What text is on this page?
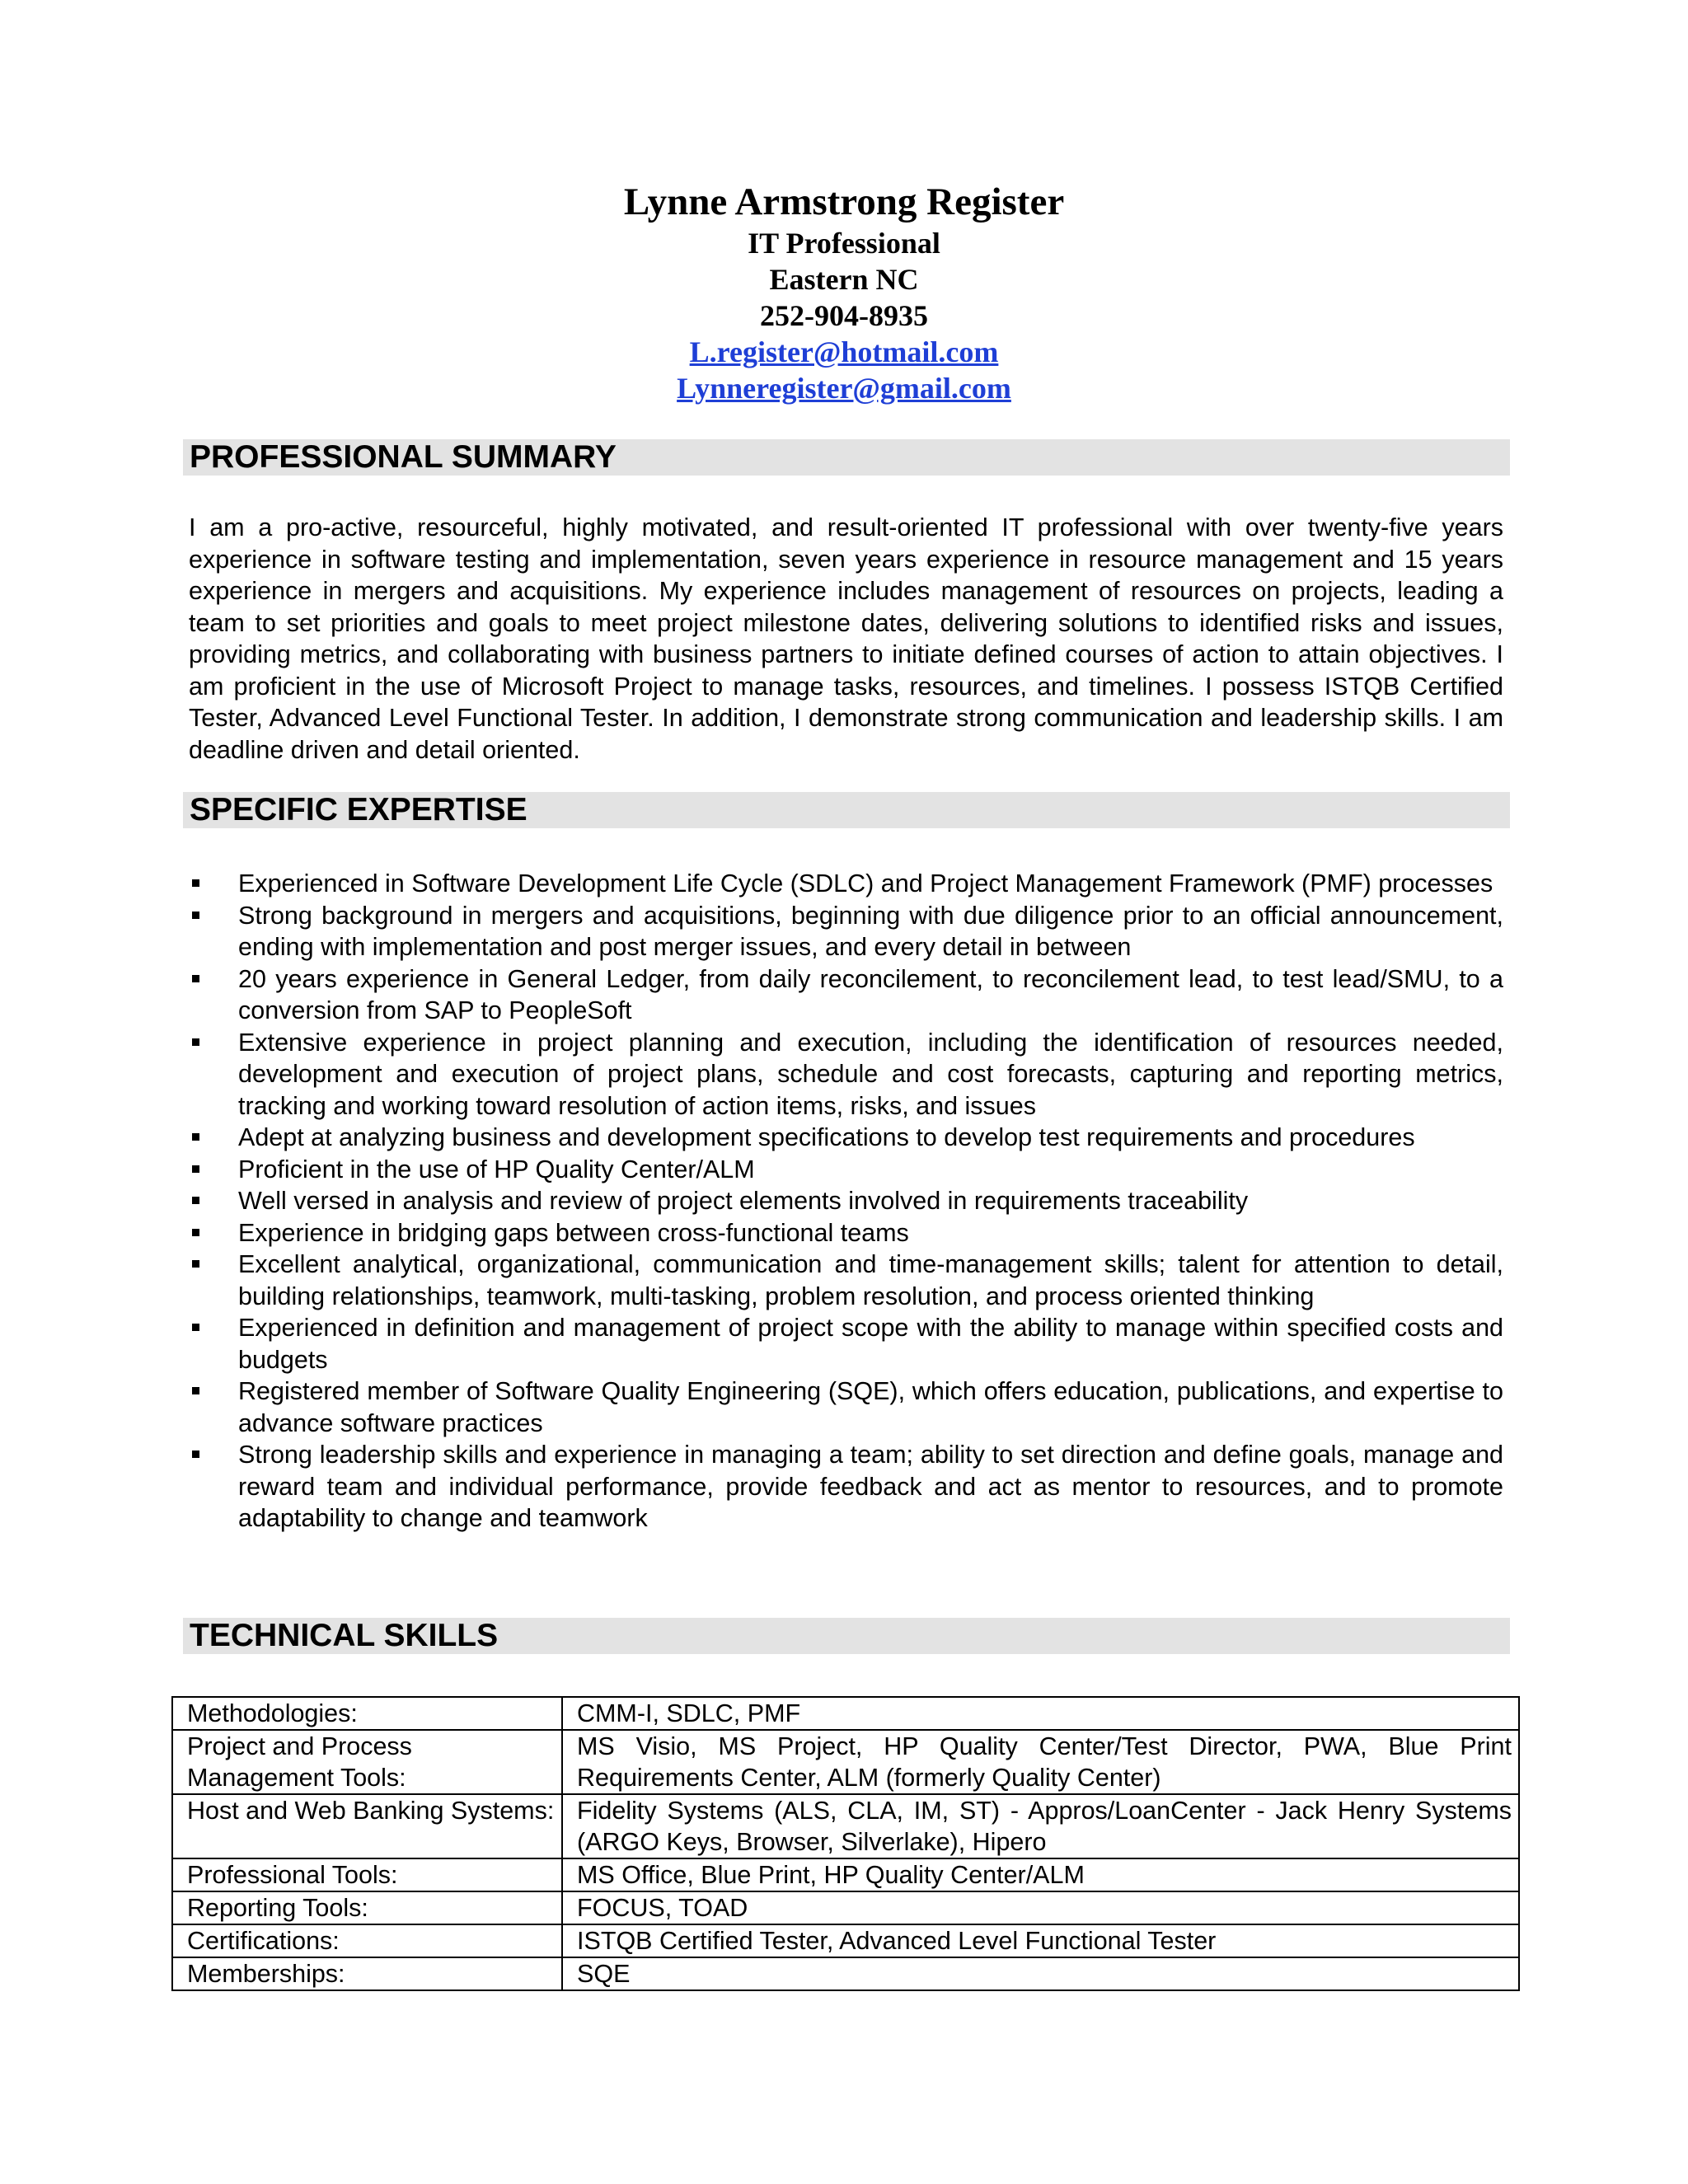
Lynne Armstrong Register
IT Professional
Eastern NC
252-904-8935
L.register@hotmail.com
Lynneregister@gmail.com
PROFESSIONAL SUMMARY

I am a pro-active, resourceful, highly motivated, and result-oriented IT professional with over twenty-five years experience in software testing and implementation, seven years experience in resource management and 15 years experience in mergers and acquisitions. My experience includes management of resources on projects, leading a team to set priorities and goals to meet project milestone dates, delivering solutions to identified risks and issues, providing metrics, and collaborating with business partners to initiate defined courses of action to attain objectives. I am proficient in the use of Microsoft Project to manage tasks, resources, and timelines. I possess ISTQB Certified Tester, Advanced Level Functional Tester. In addition, I demonstrate strong communication and leadership skills. I am deadline driven and detail oriented.

SPECIFIC EXPERTISE
Experienced in Software Development Life Cycle (SDLC) and Project Management Framework (PMF) processes
Strong background in mergers and acquisitions, beginning with due diligence prior to an official announcement, ending with implementation and post merger issues, and every detail in between
20 years experience in General Ledger, from daily reconcilement, to reconcilement lead, to test lead/SMU, to a conversion from SAP to PeopleSoft
Extensive experience in project planning and execution, including the identification of resources needed, development and execution of project plans, schedule and cost forecasts, capturing and reporting metrics, tracking and working toward resolution of action items, risks, and issues
Adept at analyzing business and development specifications to develop test requirements and procedures
Proficient in the use of HP Quality Center/ALM
Well versed in analysis and review of project elements involved in requirements traceability
Experience in bridging gaps between cross-functional teams
Excellent analytical, organizational, communication and time-management skills; talent for attention to detail, building relationships, teamwork, multi-tasking, problem resolution, and process oriented thinking
Experienced in definition and management of project scope with the ability to manage within specified costs and budgets
Registered member of Software Quality Engineering (SQE), which offers education, publications, and expertise to advance software practices
Strong leadership skills and experience in managing a team; ability to set direction and define goals, manage and reward team and individual performance, provide feedback and act as mentor to resources, and to promote adaptability to change and teamwork
TECHNICAL SKILLS
Methodologies:	CMM-I, SDLC, PMF
Project and Process Management Tools:	MS Visio, MS Project, HP Quality Center/Test Director, PWA, Blue Print Requirements Center, ALM (formerly Quality Center)
Host and Web Banking Systems:	Fidelity Systems (ALS, CLA, IM, ST) - Appros/LoanCenter - Jack Henry Systems (ARGO Keys, Browser, Silverlake), Hipero
Professional Tools:	MS Office, Blue Print, HP Quality Center/ALM
Reporting Tools:	FOCUS, TOAD
Certifications:	ISTQB Certified Tester, Advanced Level Functional Tester
Memberships:	SQE
